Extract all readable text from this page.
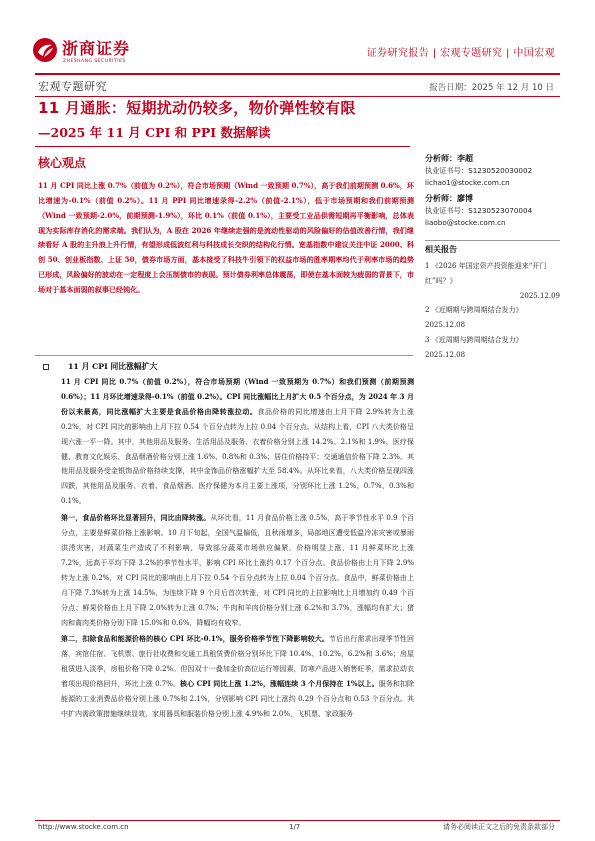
浙商证券
ZHESHANG SECURITIES
证券研究报告 | 宏观专题研究 | 中国宏观
宏观专题研究	报告日期：2025 年 12 月 10 日
11 月通胀：短期扰动仍较多，物价弹性较有限
—2025 年 11 月 CPI 和 PPI 数据解读
核心观点

11 月 CPI 同比上涨 0.7%（前值为 0.2%），符合市场预期（Wind 一致预期 0.7%），高于我们前期预测 0.6%，环比增速为-0.1%（前值 0.2%）。11 月 PPI 同比增速录得-2.2%（前值-2.1%），低于市场预期和我们前期预测（Wind 一致预期-2.0%，前期预测-1.9%），环比 0.1%（前值 0.1%），主要受工业品供需短期再平衡影响，总体表现为实际库存消化的需求端。我们认为，A 股在 2026 年继续走强的是流动性驱动的风险偏好的估值改善行情，我们继续看好 A 股的主升浪上升行情，有望形成低波红利与科技成长交织的结构化行情。宽基指数中建议关注中证 2000、科创 50、创业板指数、上证 50，债券市场方面，基本接受了科技牛引领下的权益市场的胜率期率均代于利率市场的趋势已形成，风险偏好的波动在一定程度上会压制债市的表现。预计债券利率总体震荡，即使在基本面较为疲弱的背景下，市场对于基本面弱的叙事已经钝化。

11 月 CPI 同比涨幅扩大

11 月 CPI 同比 0.7%（前值 0.2%），符合市场预期（Wind 一致预期为 0.7%）和我们预测（前期预测 0.6%）；11 月环比增速录得-0.1%（前值 0.2%）。CPI 同比涨幅比上月扩大 0.5 个百分点，为 2024 年 3 月份以来最高，同比涨幅扩大主要是食品价格由降转涨拉动。食品价格的同比增速由上月下降 2.9%转为上涨 0.2%，对 CPI 同比的影响由上月下拉 0.54 个百分点转为上拉 0.04 个百分点。从结构上看，CPI 八大类价格呈现六涨一平一降。其中，其他用品及服务、生活用品及服务、衣着价格分别上涨 14.2%、2.1%和 1.9%，医疗保健、教育文化娱乐、食品烟酒价格分别上涨 1.6%、0.8%和 0.3%；居住价格持平；交通通信价格下降 2.3%。其他用品及服务受金银饰品价格持续支撑，其中金饰品价格涨幅扩大至 58.4%。从环比来看，八大类价格呈现四涨四跌，其他用品及服务、衣着、食品烟酒、医疗保健为本月主要上涨项，分别环比上涨 1.2%、0.7%、0.3%和 0.1%。

第一，食品价格环比显著回升，同比由降转涨。从环比看，11 月食品价格上涨 0.5%，高于季节性水平 0.9 个百分点，主要是鲜菜价格上涨影响。10 月下旬起，全国气温偏低，且秋雨增多，局部地区遭受低温冷冻灾害或暴雨洪涝灾害，对蔬菜生产造成了不利影响，导致部分蔬菜市场供应偏紧，价格明显上涨，11 月鲜菜环比上涨 7.2%，远高于平均下降 3.2%的季节性水平，影响 CPI 环比上涨约 0.17 个百分点。食品价格由上月下降 2.9%转为上涨 0.2%，对 CPI 同比的影响由上月下拉 0.54 个百分点转为上拉 0.04 个百分点。食品中，鲜菜价格由上月下降 7.3%转为上涨 14.5%，为连续下降 9 个月后首次转涨，对 CPI 同比的上拉影响比上月增加约 0.49 个百分点；鲜果价格由上月下降 2.0%转为上涨 0.7%；牛肉和羊肉价格分别上涨 6.2%和 3.7%，涨幅均有扩大；猪肉和禽肉类价格分别下降 15.0%和 0.6%，降幅均有收窄。

第二，扣除食品和能源价格的核心 CPI 环比-0.1%，服务价格季节性下降影响较大。节后出行需求出现季节性回落，宾馆住宿、飞机票、旅行社收费和交通工具租赁费价格分别环比下降 10.4%、10.2%、6.2%和 3.6%；房屋租赁进入淡季，房租价格下降 0.2%。但因双十一叠加金价高位运行等因素，防寒产品进入销售旺季，需求拉动衣着项出现价格回升，环比上涨 0.7%。核心 CPI 同比上涨 1.2%，涨幅连续 3 个月保持在 1%以上。服务和扣除能源的工业消费品价格分别上涨 0.7%和 2.1%，分别影响 CPI 同比上涨约 0.29 个百分点和 0.53 个百分点。其中扩内需政策措施继续显效，家用器具和服装价格分别上涨 4.9%和 2.0%，飞机票、家政服务

分析师：李超
执业证书号：S1230520030002
lichao1@stocke.com.cn
分析师：廖博
执业证书号：S1230523070004
liaobo@stocke.com.cn
相关报告
1 《2026 年国定资产投资能迎来“开门红”吗？》
2025.12.09
2 《近期期与跨周期结合发力》
2025.12.08
3 《近周期与跨周期结合发力》
2025.12.08
http://www.stocke.com.cn	1/7	请务必阅读正文之后的免责条款部分
